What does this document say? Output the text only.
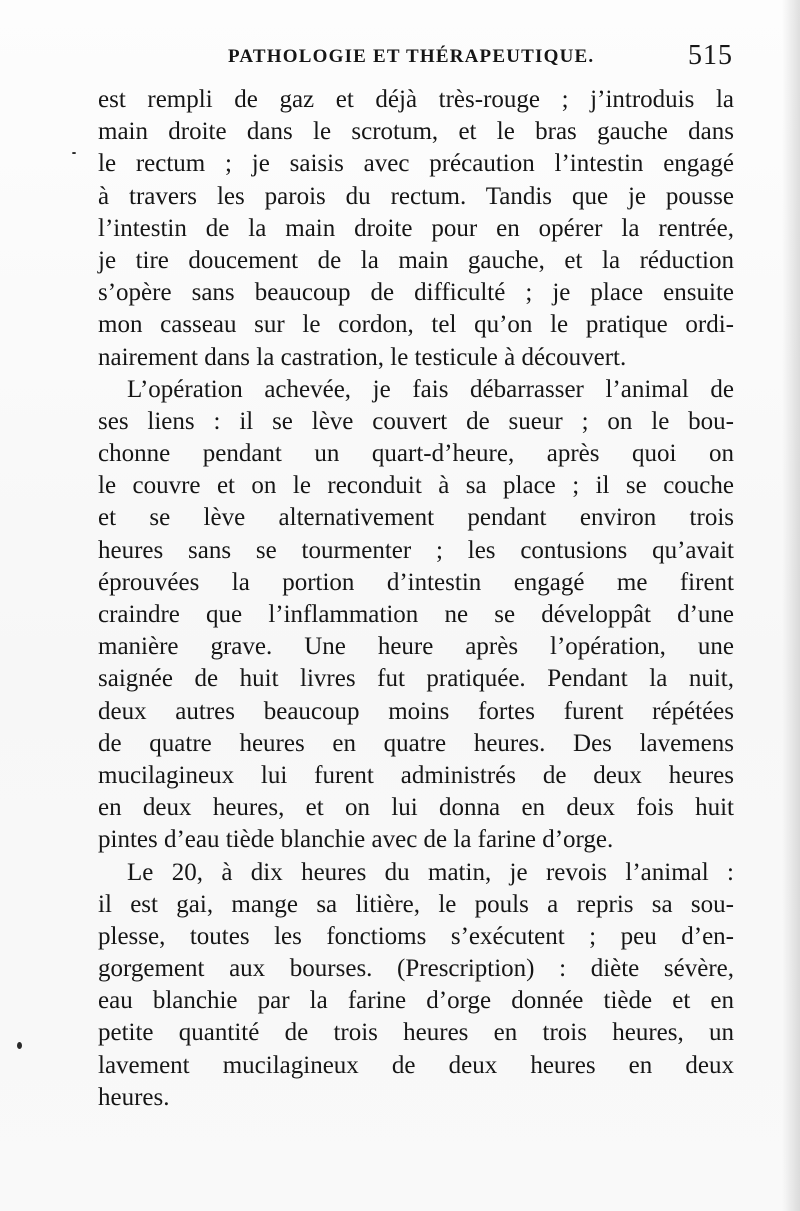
PATHOLOGIE ET THÉRAPEUTIQUE.	515
est rempli de gaz et déjà très-rouge ; j’introduis la
main droite dans le scrotum, et le bras gauche dans
le rectum ; je saisis avec précaution l’intestin engagé
à travers les parois du rectum. Tandis que je pousse
l’intestin de la main droite pour en opérer la rentrée,
je tire doucement de la main gauche, et la réduction
s’opère sans beaucoup de difficulté ; je place ensuite
mon casseau sur le cordon, tel qu’on le pratique ordi-
nairement dans la castration, le testicule à découvert.
L’opération achevée, je fais débarrasser l’animal de
ses liens : il se lève couvert de sueur ; on le bou-
chonne pendant un quart-d’heure, après quoi on
le couvre et on le reconduit à sa place ; il se couche
et se lève alternativement pendant environ trois
heures sans se tourmenter ; les contusions qu’avait
éprouvées la portion d’intestin engagé me firent
craindre que l’inflammation ne se développât d’une
manière grave. Une heure après l’opération, une
saignée de huit livres fut pratiquée. Pendant la nuit,
deux autres beaucoup moins fortes furent répétées
de quatre heures en quatre heures. Des lavemens
mucilagineux lui furent administrés de deux heures
en deux heures, et on lui donna en deux fois huit
pintes d’eau tiède blanchie avec de la farine d’orge.
Le 20, à dix heures du matin, je revois l’animal :
il est gai, mange sa litière, le pouls a repris sa sou-
plesse, toutes les fonctioms s’exécutent ; peu d’en-
gorgement aux bourses. (Prescription) : diète sévère,
eau blanchie par la farine d’orge donnée tiède et en
petite quantité de trois heures en trois heures, un
lavement mucilagineux de deux heures en deux
heures.
